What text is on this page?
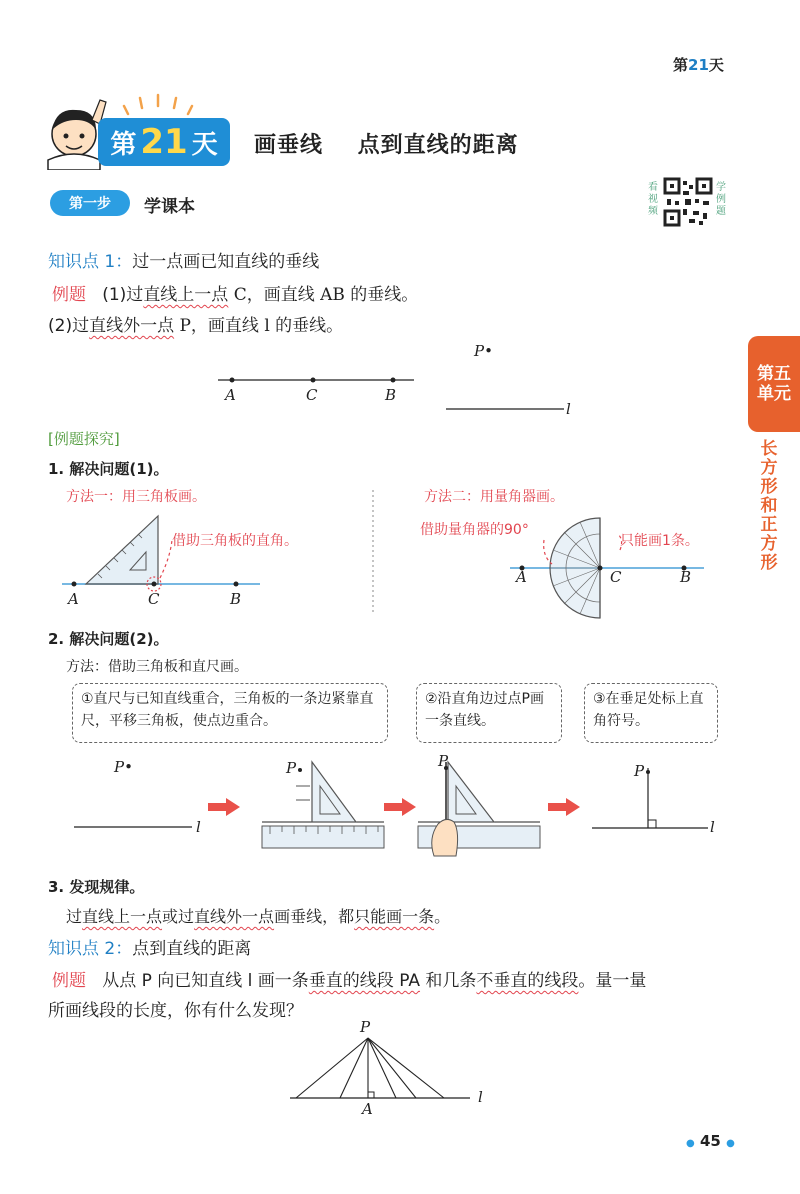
第21天
第 21 天 画垂线    点到直线的距离
第一步	学课本
看视频
学例题
第五单元
长方形和正方形
知识点 1：过一点画已知直线的垂线
例题 (1)过直线上一点 C，画直线 AB 的垂线。
(2)过直线外一点 P，画直线 l 的垂线。
A	C	B
P•
l
[例题探究]
1. 解决问题(1)。
方法一：用三角板画。
借助三角板的直角。
A	C	B
方法二：用量角器画。
借助量角器的90°
只能画1条。
A	C	B
2. 解决问题(2)。
方法：借助三角板和直尺画。
①直尺与已知直线重合，三角板的一条边紧靠直尺，平移三角板，使点边重合。
②沿直角边过点P画一条直线。
③在垂足处标上直角符号。
P•
l
P	P
P
l
3. 发现规律。
过直线上一点或过直线外一点画垂线，都只能画一条。
知识点 2：点到直线的距离
例题 从点 P 向已知直线 l 画一条垂直的线段 PA 和几条不垂直的线段。量一量
所画线段的长度，你有什么发现？
P
A
l
● 45 ●
